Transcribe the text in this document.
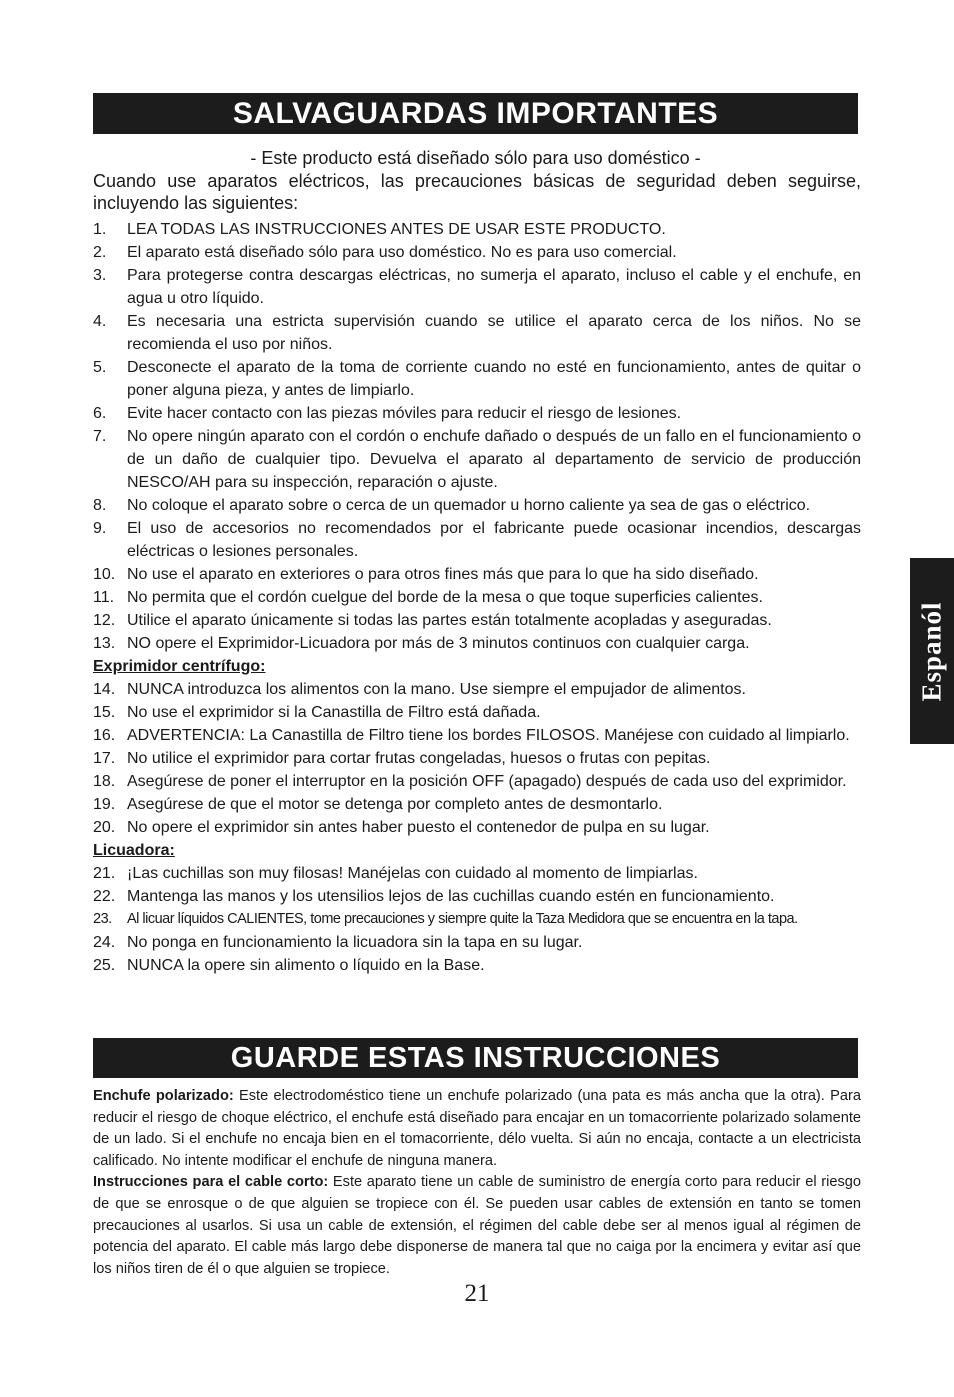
SALVAGUARDAS IMPORTANTES
- Este producto está diseñado sólo para uso doméstico -
Cuando use aparatos eléctricos, las precauciones básicas de seguridad deben seguirse, incluyendo las siguientes:
1.	LEA TODAS LAS INSTRUCCIONES ANTES DE USAR ESTE PRODUCTO.
2.	El aparato está diseñado sólo para uso doméstico. No es para uso comercial.
3.	Para protegerse contra descargas eléctricas, no sumerja el aparato, incluso el cable y el enchufe, en agua u otro líquido.
4.	Es necesaria una estricta supervisión cuando se utilice el aparato cerca de los niños. No se recomienda el uso por niños.
5.	Desconecte el aparato de la toma de corriente cuando no esté en funcionamiento, antes de quitar o poner alguna pieza, y antes de limpiarlo.
6.	Evite hacer contacto con las piezas móviles para reducir el riesgo de lesiones.
7.	No opere ningún aparato con el cordón o enchufe dañado o después de un fallo en el funcionamiento o de un daño de cualquier tipo. Devuelva el aparato al departamento de servicio de producción NESCO/AH para su inspección, reparación o ajuste.
8.	No coloque el aparato sobre o cerca de un quemador u horno caliente ya sea de gas o eléctrico.
9.	El uso de accesorios no recomendados por el fabricante puede ocasionar incendios, descargas eléctricas o lesiones personales.
10. No use el aparato en exteriores o para otros fines más que para lo que ha sido diseñado.
11. No permita que el cordón cuelgue del borde de la mesa o que toque superficies calientes.
12. Utilice el aparato únicamente si todas las partes están totalmente acopladas y aseguradas.
13. NO opere el Exprimidor-Licuadora por más de 3 minutos continuos con cualquier carga.
Exprimidor centrífugo:
14. NUNCA introduzca los alimentos con la mano. Use siempre el empujador de alimentos.
15. No use el exprimidor si la Canastilla de Filtro está dañada.
16. ADVERTENCIA: La Canastilla de Filtro tiene los bordes FILOSOS. Manéjese con cuidado al limpiarlo.
17. No utilice el exprimidor para cortar frutas congeladas, huesos o frutas con pepitas.
18. Asegúrese de poner el interruptor en la posición OFF (apagado) después de cada uso del exprimidor.
19. Asegúrese de que el motor se detenga por completo antes de desmontarlo.
20. No opere el exprimidor sin antes haber puesto el contenedor de pulpa en su lugar.
Licuadora:
21. ¡Las cuchillas son muy filosas! Manéjelas con cuidado al momento de limpiarlas.
22. Mantenga las manos y los utensilios lejos de las cuchillas cuando estén en funcionamiento.
23.	Al licuar líquidos CALIENTES, tome precauciones y siempre quite la Taza Medidora que se encuentra en la tapa.
24. No ponga en funcionamiento la licuadora sin la tapa en su lugar.
25. NUNCA la opere sin alimento o líquido en la Base.
GUARDE ESTAS INSTRUCCIONES

Enchufe polarizado: Este electrodoméstico tiene un enchufe polarizado (una pata es más ancha que la otra). Para reducir el riesgo de choque eléctrico, el enchufe está diseñado para encajar en un tomacorriente polarizado solamente de un lado. Si el enchufe no encaja bien en el tomacorriente, délo vuelta. Si aún no encaja, contacte a un electricista calificado. No intente modificar el enchufe de ninguna manera.

Instrucciones para el cable corto: Este aparato tiene un cable de suministro de energía corto para reducir el riesgo de que se enrosque o de que alguien se tropiece con él. Se pueden usar cables de extensión en tanto se tomen precauciones al usarlos. Si usa un cable de extensión, el régimen del cable debe ser al menos igual al régimen de potencia del aparato. El cable más largo debe disponerse de manera tal que no caiga por la encimera y evitar así que los niños tiren de él o que alguien se tropiece.

21
Espanól
